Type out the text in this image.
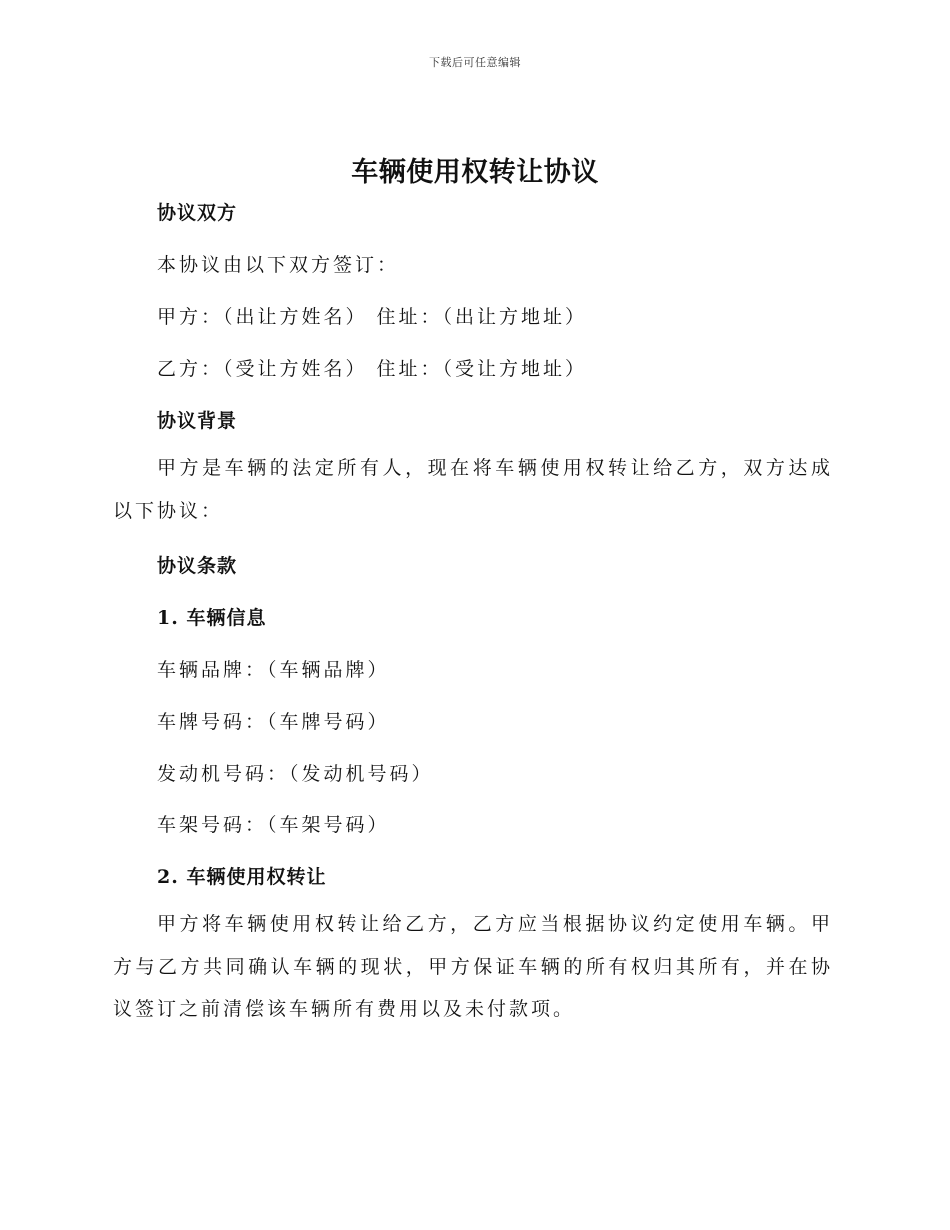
下载后可任意编辑
车辆使用权转让协议
协议双方
本协议由以下双方签订：
甲方：（出让方姓名） 住址：（出让方地址）
乙方：（受让方姓名） 住址：（受让方地址）
协议背景
甲方是车辆的法定所有人，现在将车辆使用权转让给乙方，双方达成以下协议：
协议条款
1. 车辆信息
车辆品牌：（车辆品牌）
车牌号码：（车牌号码）
发动机号码：（发动机号码）
车架号码：（车架号码）
2. 车辆使用权转让
甲方将车辆使用权转让给乙方，乙方应当根据协议约定使用车辆。甲方与乙方共同确认车辆的现状，甲方保证车辆的所有权归其所有，并在协议签订之前清偿该车辆所有费用以及未付款项。
